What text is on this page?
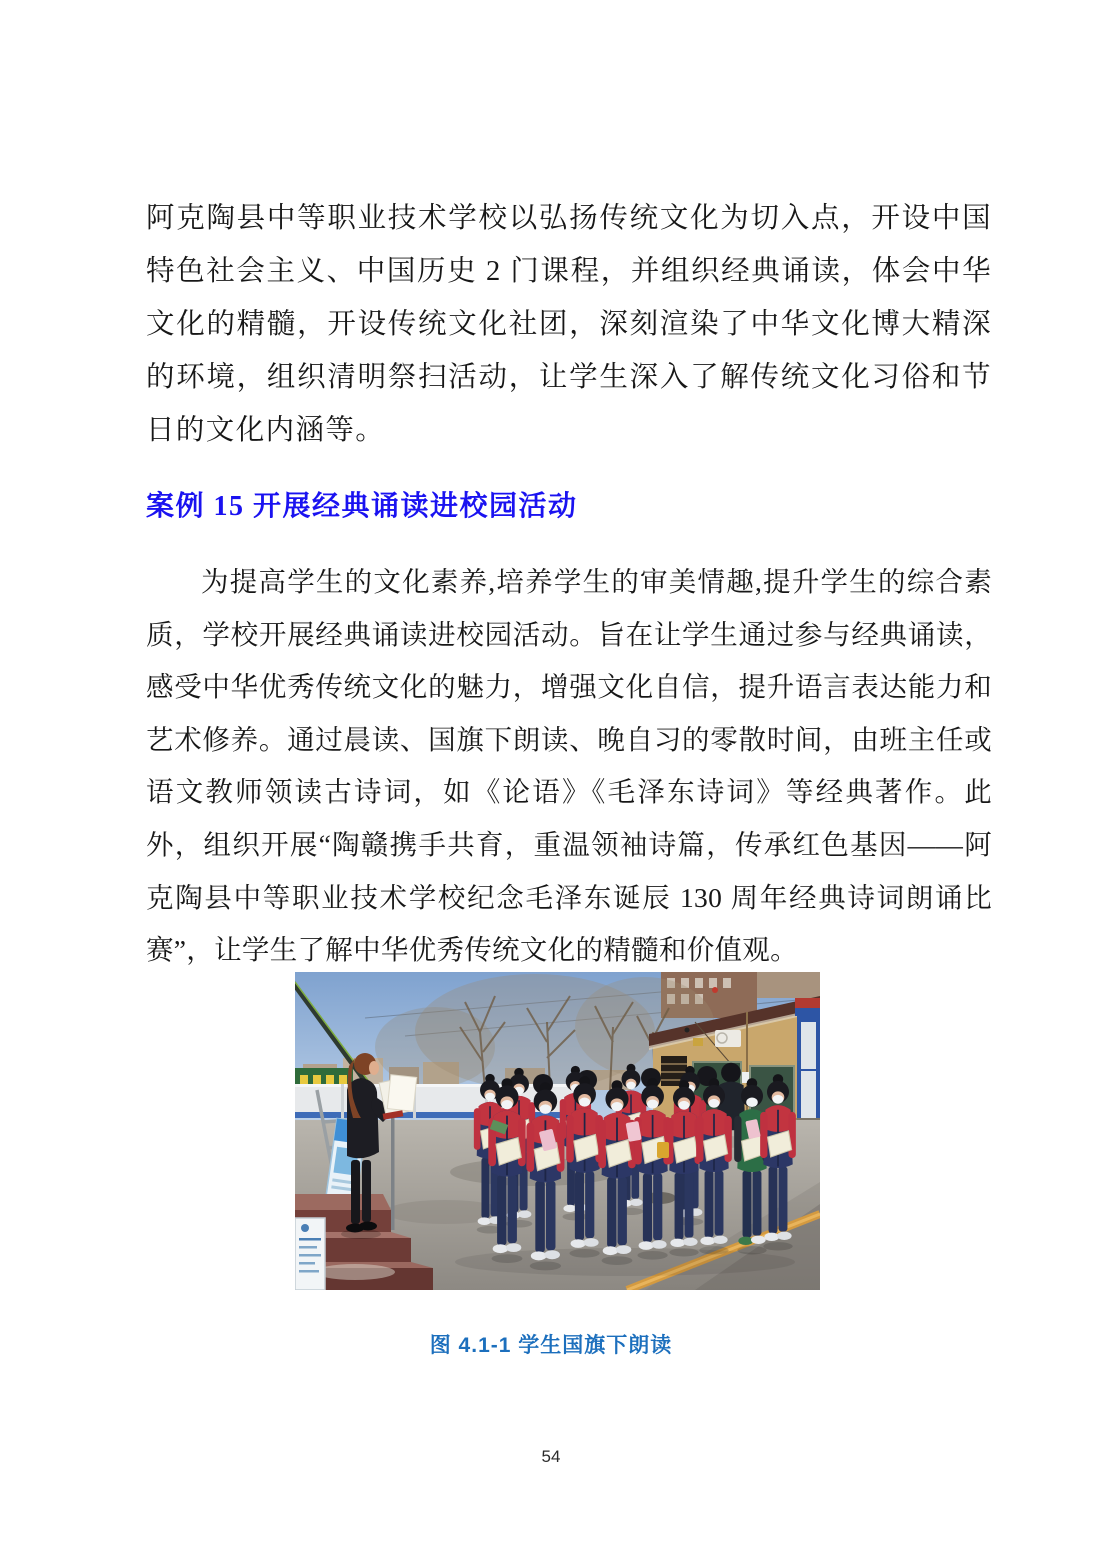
阿克陶县中等职业技术学校以弘扬传统文化为切入点，开设中国特色社会主义、中国历史 2 门课程，并组织经典诵读，体会中华文化的精髓，开设传统文化社团，深刻渲染了中华文化博大精深的环境，组织清明祭扫活动，让学生深入了解传统文化习俗和节日的文化内涵等。

案例 15 开展经典诵读进校园活动

为提高学生的文化素养,培养学生的审美情趣,提升学生的综合素质，学校开展经典诵读进校园活动。旨在让学生通过参与经典诵读，感受中华优秀传统文化的魅力，增强文化自信，提升语言表达能力和艺术修养。通过晨读、国旗下朗读、晚自习的零散时间，由班主任或语文教师领读古诗词，如《论语》《毛泽东诗词》等经典著作。此外，组织开展“陶赣携手共育，重温领袖诗篇，传承红色基因——阿克陶县中等职业技术学校纪念毛泽东诞辰 130 周年经典诗词朗诵比赛”，让学生了解中华优秀传统文化的精髓和价值观。

图 4.1-1 学生国旗下朗读
54
